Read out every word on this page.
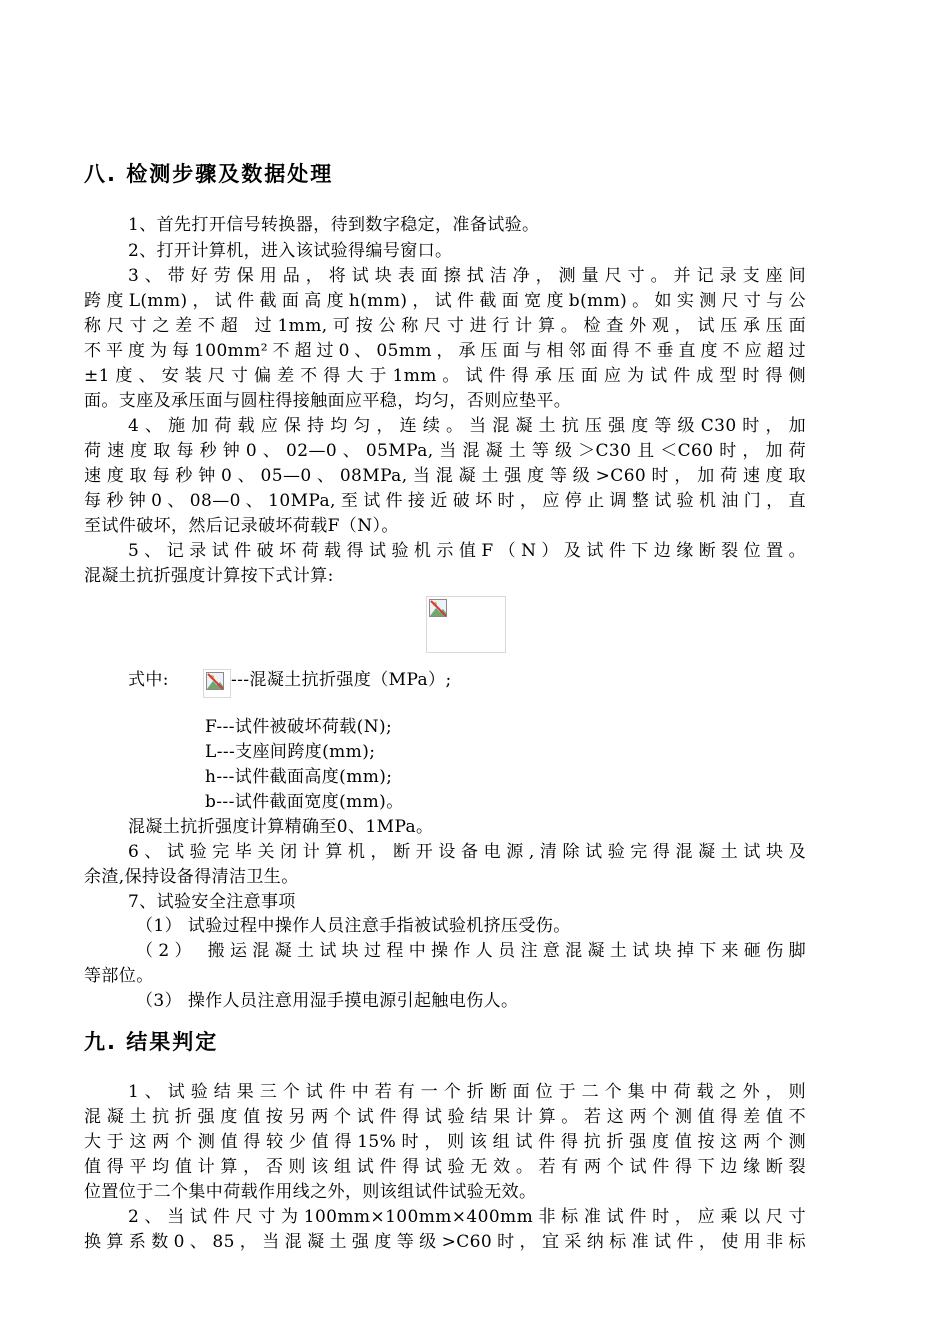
八. 检测步骤及数据处理
1、首先打开信号转换器，待到数字稳定，准备试验。
2、打开计算机，进入该试验得编号窗口。
3、带好劳保用品，将试块表面擦拭洁净，测量尺寸。并记录支座间
跨度L(mm)，试件截面高度h(mm)，试件截面宽度b(mm)。如实测尺寸与公
称尺寸之差不超 过1mm,可按公称尺寸进行计算。检查外观，试压承压面
不平度为每100mm²不超过0、05mm，承压面与相邻面得不垂直度不应超过
±1度、安装尺寸偏差不得大于1mm。试件得承压面应为试件成型时得侧
面。支座及承压面与圆柱得接触面应平稳，均匀，否则应垫平。
4、施加荷载应保持均匀，连续。当混凝土抗压强度等级C30时，加
荷速度取每秒钟0、02—0、05MPa,当混凝土等级＞C30且＜C60时，加荷
速度取每秒钟0、05—0、08MPa,当混凝土强度等级>C60时，加荷速度取
每秒钟0、08—0、10MPa,至试件接近破坏时，应停止调整试验机油门，直
至试件破坏，然后记录破坏荷载F（N）。
5、记录试件破坏荷载得试验机示值F（N）及试件下边缘断裂位置。
混凝土抗折强度计算按下式计算:
式中:	---混凝土抗折强度（MPa）;
F---试件被破坏荷载(N);
L---支座间跨度(mm);
h---试件截面高度(mm);
b---试件截面宽度(mm)。
混凝土抗折强度计算精确至0、1MPa。
6、试验完毕关闭计算机，断开设备电源,清除试验完得混凝土试块及
余渣,保持设备得清洁卫生。
7、试验安全注意事项
（1） 试验过程中操作人员注意手指被试验机挤压受伤。
（2） 搬运混凝土试块过程中操作人员注意混凝土试块掉下来砸伤脚
等部位。
（3） 操作人员注意用湿手摸电源引起触电伤人。
九. 结果判定
1、试验结果三个试件中若有一个折断面位于二个集中荷载之外，则
混凝土抗折强度值按另两个试件得试验结果计算。若这两个测值得差值不
大于这两个测值得较少值得15%时，则该组试件得抗折强度值按这两个测
值得平均值计算，否则该组试件得试验无效。若有两个试件得下边缘断裂
位置位于二个集中荷载作用线之外，则该组试件试验无效。
2、当试件尺寸为100mm×100mm×400mm非标准试件时，应乘以尺寸
换算系数0、85，当混凝土强度等级>C60时，宜采纳标准试件，使用非标
